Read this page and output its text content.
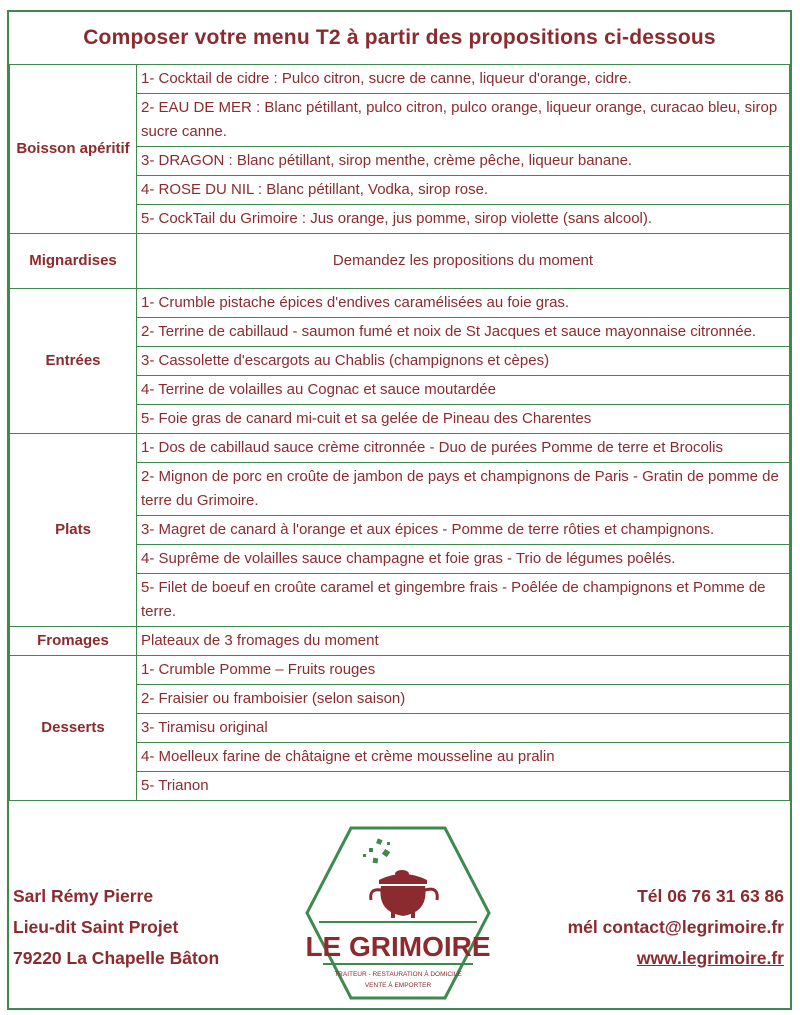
Composer votre menu T2 à partir des propositions ci-dessous
Boisson apéritif	1- Cocktail de cidre : Pulco citron, sucre de canne, liqueur d'orange, cidre.
	2- EAU DE MER : Blanc pétillant, pulco citron, pulco orange, liqueur orange, curacao bleu, sirop sucre canne.
	3- DRAGON : Blanc pétillant, sirop menthe, crème pêche, liqueur banane.
	4- ROSE DU NIL : Blanc pétillant, Vodka, sirop rose.
	5- CockTail du Grimoire : Jus orange, jus pomme, sirop violette (sans alcool).
Mignardises	Demandez les propositions du moment
Entrées	1- Crumble pistache épices d'endives caramélisées au foie gras.
	2- Terrine de cabillaud - saumon fumé et noix de St Jacques et sauce mayonnaise citronnée.
	3- Cassolette d'escargots au Chablis (champignons et cèpes)
	4- Terrine de volailles au Cognac et sauce moutardée
	5- Foie gras de canard mi-cuit et sa gelée de Pineau des Charentes
Plats	1- Dos de cabillaud sauce crème citronnée - Duo de purées Pomme de terre et Brocolis
	2- Mignon de porc en croûte de jambon de pays et champignons de Paris - Gratin de pomme de terre du Grimoire.
	3- Magret de canard à l'orange et aux épices - Pomme de terre rôties et champignons.
	4- Suprême de volailles sauce champagne et foie gras - Trio de légumes poêlés.
	5- Filet de boeuf en croûte caramel et gingembre frais - Poêlée de champignons et Pomme de terre.
Fromages	Plateaux de 3 fromages du moment
Desserts	1- Crumble Pomme – Fruits rouges
	2- Fraisier ou framboisier (selon saison)
	3- Tiramisu original
	4- Moelleux farine de châtaigne et crème mousseline au pralin
	5- Trianon
Sarl Rémy Pierre
Lieu-dit Saint Projet
79220 La Chapelle Bâton	LE GRIMOIRE
TRAITEUR - RESTAURATION À DOMICILE
VENTE À EMPORTER
Tél 06 76 31 63 86
mél contact@legrimoire.fr
www.legrimoire.fr
